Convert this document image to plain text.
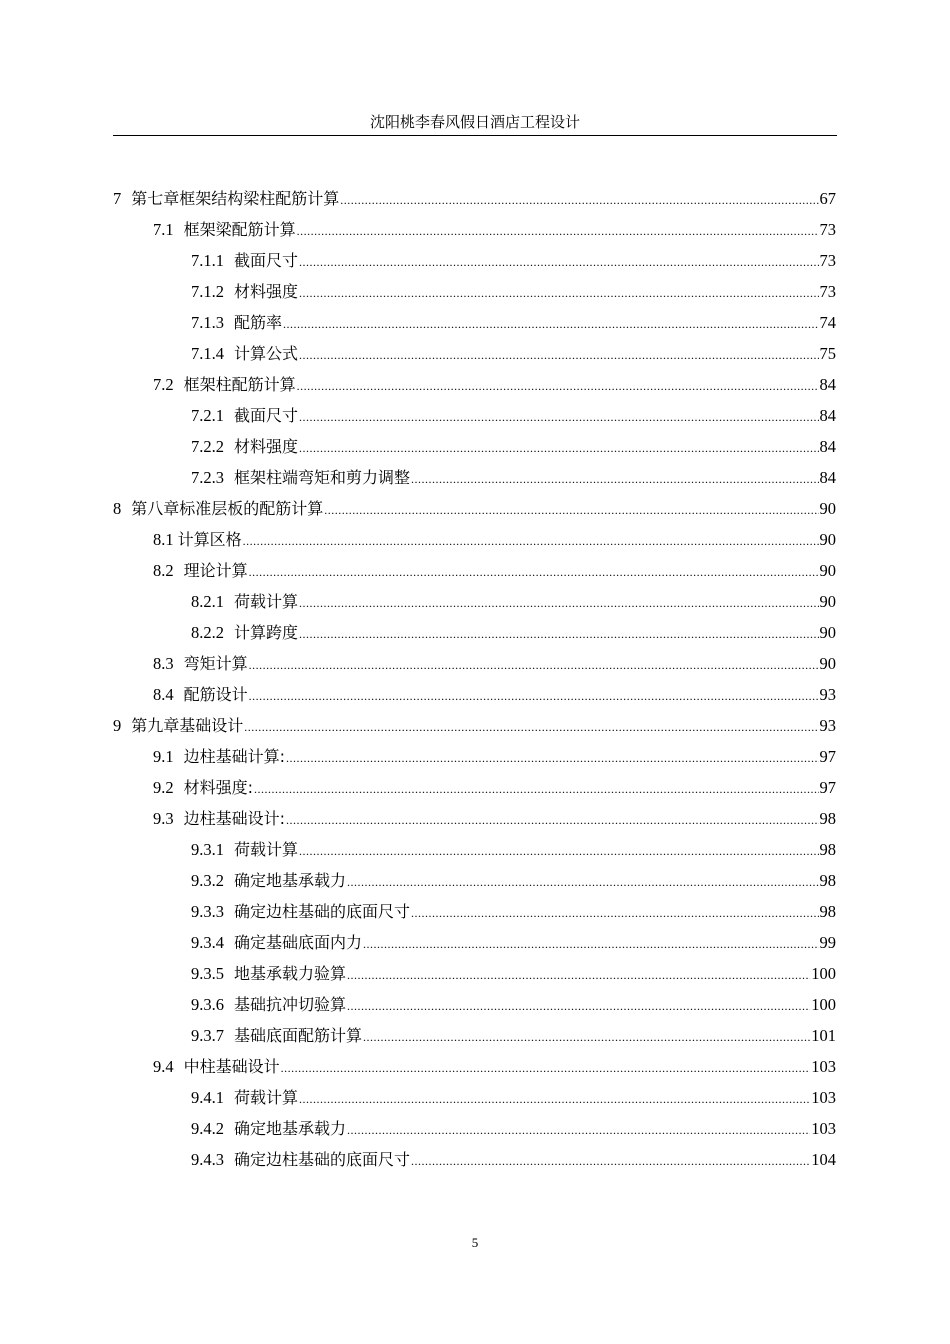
沈阳桃李春风假日酒店工程设计
7 第七章框架结构梁柱配筋计算 .....	67
7.1 框架梁配筋计算 .....	73
7.1.1 截面尺寸 .....	73
7.1.2 材料强度 .....	73
7.1.3 配筋率 .....	74
7.1.4 计算公式 .....	75
7.2 框架柱配筋计算 .....	84
7.2.1 截面尺寸 .....	84
7.2.2 材料强度 .....	84
7.2.3 框架柱端弯矩和剪力调整 .....	84
8 第八章标准层板的配筋计算 .....	90
8.1 计算区格 .....	90
8.2 理论计算 .....	90
8.2.1 荷载计算 .....	90
8.2.2 计算跨度 .....	90
8.3 弯矩计算 .....	90
8.4 配筋设计 .....	93
9 第九章基础设计 .....	93
9.1 边柱基础计算: .....	97
9.2 材料强度: .....	97
9.3 边柱基础设计: .....	98
9.3.1 荷载计算 .....	98
9.3.2 确定地基承载力 .....	98
9.3.3 确定边柱基础的底面尺寸 .....	98
9.3.4 确定基础底面内力 .....	99
9.3.5 地基承载力验算 .....	100
9.3.6 基础抗冲切验算 .....	100
9.3.7 基础底面配筋计算 .....	101
9.4 中柱基础设计 .....	103
9.4.1 荷载计算 .....	103
9.4.2 确定地基承载力 .....	103
9.4.3 确定边柱基础的底面尺寸 .....	104
5
